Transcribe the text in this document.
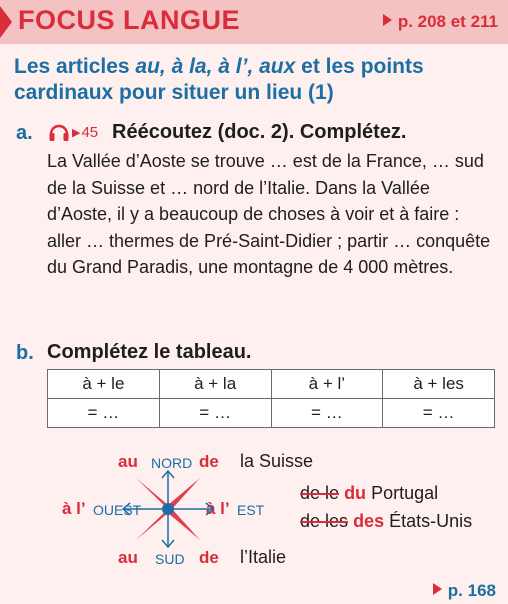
FOCUS LANGUE	p. 208 et 211
Les articles au, à la, à l’, aux et les points cardinaux pour situer un lieu (1)
a.	▶ 45 Réécoutez (doc. 2). Complétez.
La Vallée d’Aoste se trouve … est de la France, … sud de la Suisse et … nord de l’Italie. Dans la Vallée d’Aoste, il y a beaucoup de choses à voir et à faire : aller … thermes de Pré-Saint-Didier ; partir … conquête du Grand Paradis, une montagne de 4 000 mètres.
b. Complétez le tableau.
à + le	à + la	à + l’	à + les
= …	= …	= …	= …
au NORD de la Suisse
à l’ OUEST	à l’ EST
au SUD de l’Italie
de le du Portugal
de les des États-Unis
p. 168
